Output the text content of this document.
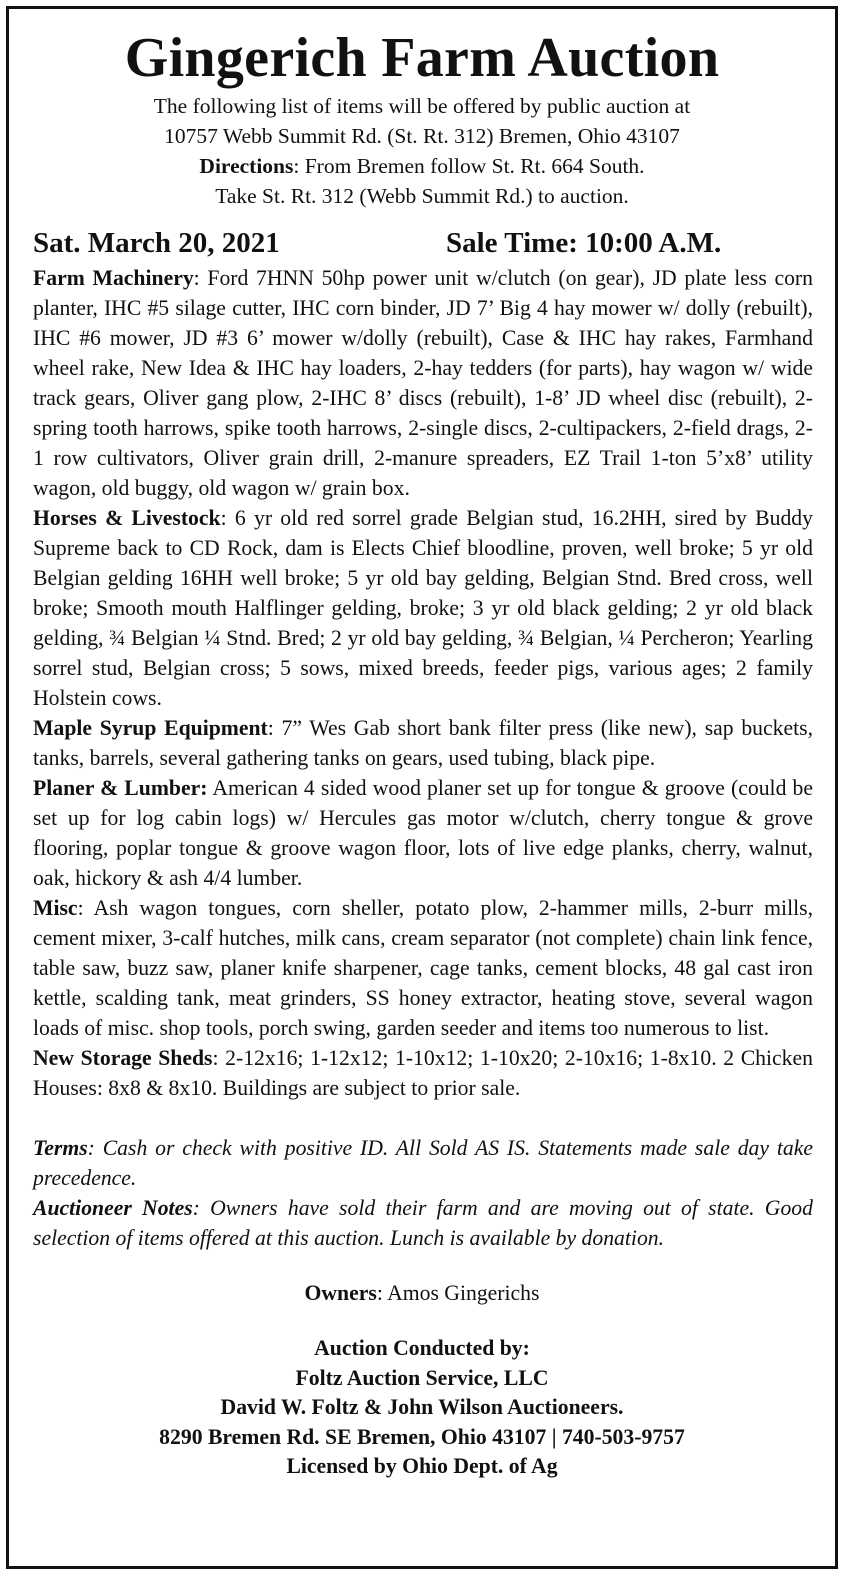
Gingerich Farm Auction
The following list of items will be offered by public auction at
10757 Webb Summit Rd. (St. Rt. 312) Bremen, Ohio 43107
Directions: From Bremen follow St. Rt. 664 South.
Take St. Rt. 312 (Webb Summit Rd.) to auction.
Sat. March 20, 2021	Sale Time: 10:00 A.M.

Farm Machinery: Ford 7HNN 50hp power unit w/clutch (on gear), JD plate less corn planter, IHC #5 silage cutter, IHC corn binder, JD 7’ Big 4 hay mower w/ dolly (rebuilt), IHC #6 mower, JD #3 6’ mower w/dolly (rebuilt), Case & IHC hay rakes, Farmhand wheel rake, New Idea & IHC hay loaders, 2-hay tedders (for parts), hay wagon w/ wide track gears, Oliver gang plow, 2-IHC 8’ discs (rebuilt), 1-8’ JD wheel disc (rebuilt), 2-spring tooth harrows, spike tooth harrows, 2-single discs, 2-cultipackers, 2-field drags, 2- 1 row cultivators, Oliver grain drill, 2-manure spreaders, EZ Trail 1-ton 5’x8’ utility wagon, old buggy, old wagon w/ grain box.

Horses & Livestock: 6 yr old red sorrel grade Belgian stud, 16.2HH, sired by Buddy Supreme back to CD Rock, dam is Elects Chief bloodline, proven, well broke; 5 yr old Belgian gelding 16HH well broke; 5 yr old bay gelding, Belgian Stnd. Bred cross, well broke; Smooth mouth Halflinger gelding, broke; 3 yr old black gelding; 2 yr old black gelding, ¾ Belgian ¼ Stnd. Bred; 2 yr old bay gelding, ¾ Belgian, ¼ Percheron; Yearling sorrel stud, Belgian cross; 5 sows, mixed breeds, feeder pigs, various ages; 2 family Holstein cows.

Maple Syrup Equipment: 7” Wes Gab short bank filter press (like new), sap buckets, tanks, barrels, several gathering tanks on gears, used tubing, black pipe.

Planer & Lumber: American 4 sided wood planer set up for tongue & groove (could be set up for log cabin logs) w/ Hercules gas motor w/clutch, cherry tongue & grove flooring, poplar tongue & groove wagon floor, lots of live edge planks, cherry, walnut, oak, hickory & ash 4/4 lumber.

Misc: Ash wagon tongues, corn sheller, potato plow, 2-hammer mills, 2-burr mills, cement mixer, 3-calf hutches, milk cans, cream separator (not complete) chain link fence, table saw, buzz saw, planer knife sharpener, cage tanks, cement blocks, 48 gal cast iron kettle, scalding tank, meat grinders, SS honey extractor, heating stove, several wagon loads of misc. shop tools, porch swing, garden seeder and items too numerous to list.

New Storage Sheds: 2-12x16; 1-12x12; 1-10x12; 1-10x20; 2-10x16; 1-8x10. 2 Chicken Houses: 8x8 & 8x10. Buildings are subject to prior sale.

Terms: Cash or check with positive ID. All Sold AS IS. Statements made sale day take precedence.

Auctioneer Notes: Owners have sold their farm and are moving out of state. Good selection of items offered at this auction. Lunch is available by donation.

Owners: Amos Gingerichs
Auction Conducted by:
Foltz Auction Service, LLC
David W. Foltz & John Wilson Auctioneers.
8290 Bremen Rd. SE Bremen, Ohio 43107 | 740-503-9757
Licensed by Ohio Dept. of Ag
